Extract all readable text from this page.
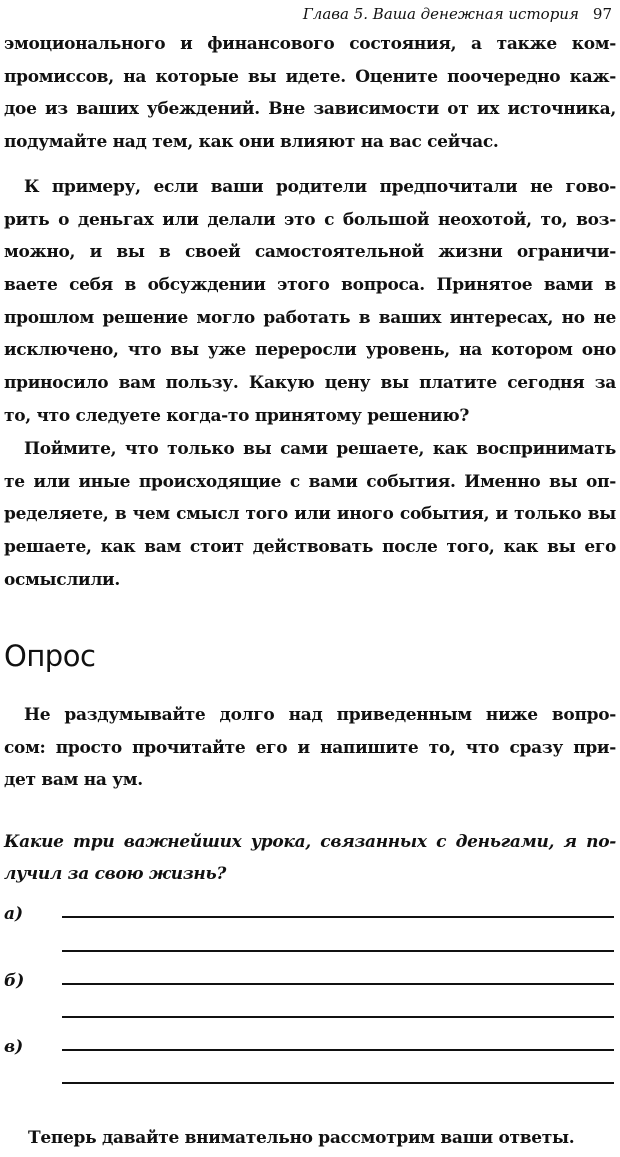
Глава 5. Ваша денежная история 97
эмоционального и финансового состояния, а также ком-
промиссов, на которые вы идете. Оцените поочередно каж-
дое из ваших убеждений. Вне зависимости от их источника,
подумайте над тем, как они влияют на вас сейчас.
К примеру, если ваши родители предпочитали не гово-
рить о деньгах или делали это с большой неохотой, то, воз-
можно, и вы в своей самостоятельной жизни ограничи-
ваете себя в обсуждении этого вопроса. Принятое вами в
прошлом решение могло работать в ваших интересах, но не
исключено, что вы уже переросли уровень, на котором оно
приносило вам пользу. Какую цену вы платите сегодня за
то, что следуете когда-то принятому решению?
Поймите, что только вы сами решаете, как воспринимать
те или иные происходящие с вами события. Именно вы оп-
ределяете, в чем смысл того или иного события, и только вы
решаете, как вам стоит действовать после того, как вы его
осмыслили.
Опрос
Не раздумывайте долго над приведенным ниже вопро-
сом: просто прочитайте его и напишите то, что сразу при-
дет вам на ум.
Какие три важнейших урока, связанных с деньгами, я по-
лучил за свою жизнь?
а)
б)
в)
Теперь давайте внимательно рассмотрим ваши ответы.
